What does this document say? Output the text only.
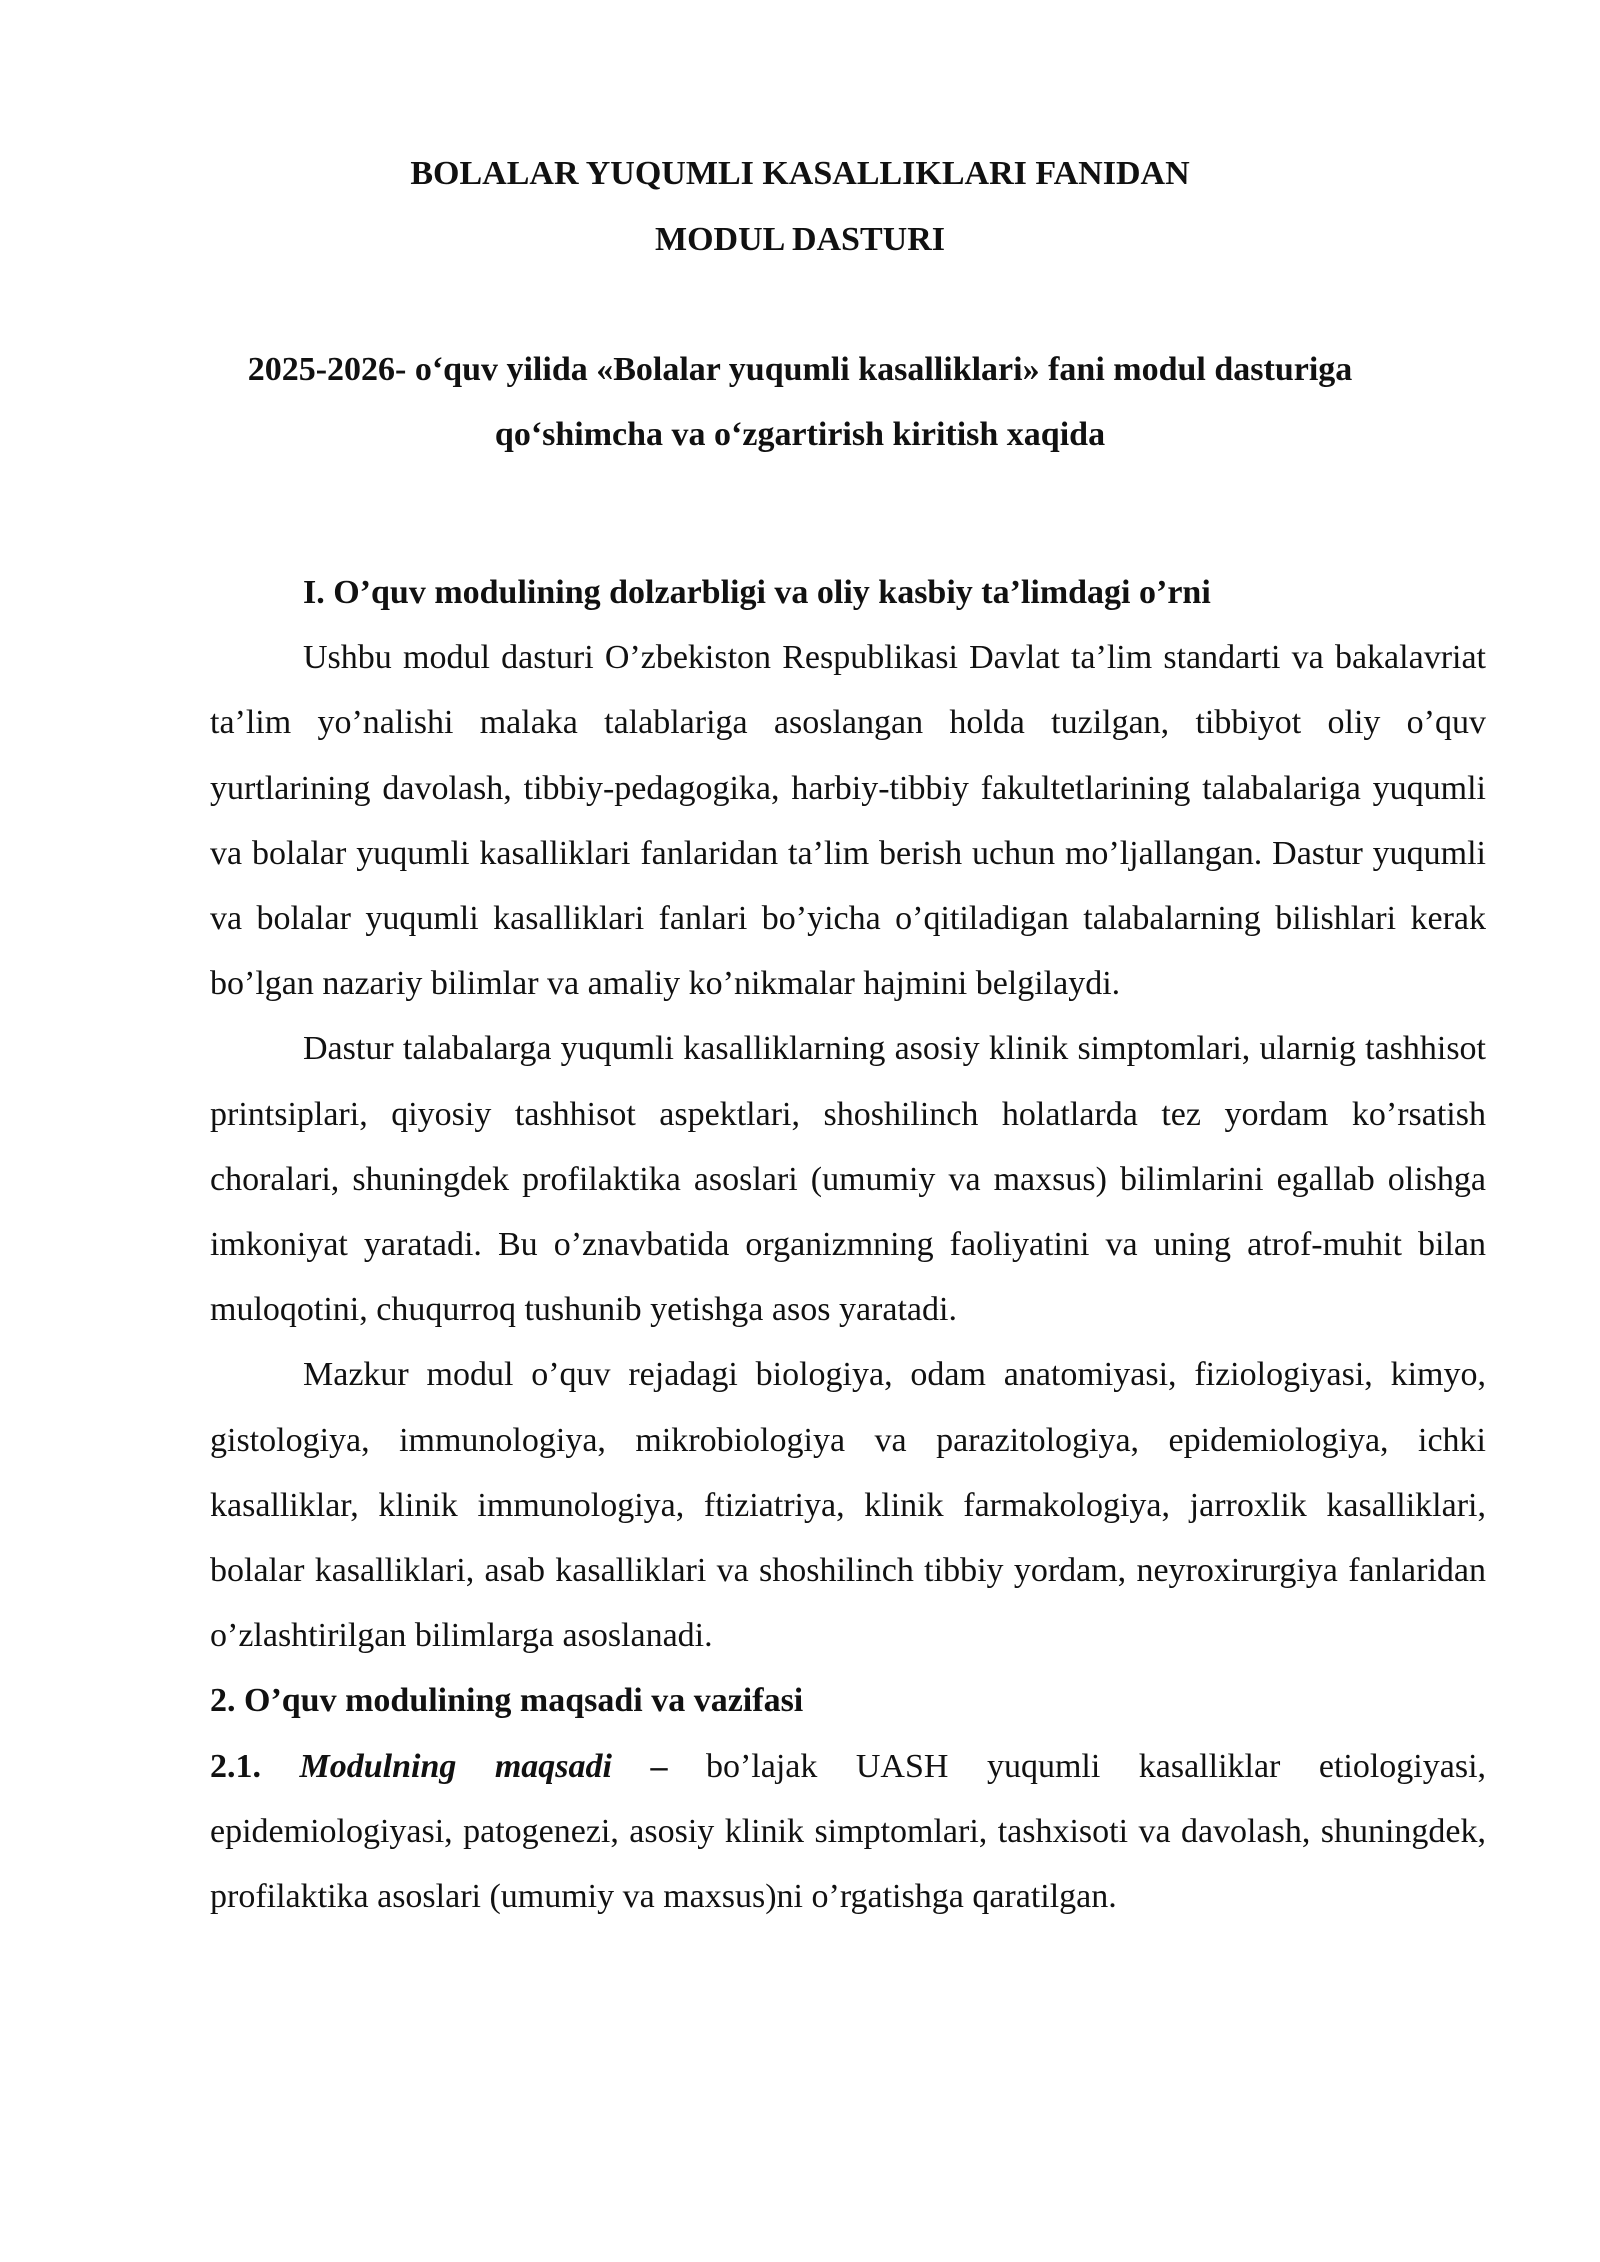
BOLALAR YUQUMLI KASALLIKLARI FANIDAN
MODUL DASTURI
2025-2026- o‘quv yilida «Bolalar yuqumli kasalliklari» fani modul dasturiga
qo‘shimcha va o‘zgartirish kiritish xaqida

I. O’quv modulining dolzarbligi va oliy kasbiy ta’limdagi o’rni

Ushbu modul dasturi O’zbekiston Respublikasi Davlat ta’lim standarti va bakalavriat ta’lim yo’nalishi malaka talablariga asoslangan holda tuzilgan, tibbiyot oliy o’quv yurtlarining davolash, tibbiy-pedagogika, harbiy-tibbiy fakultetlarining talabalariga yuqumli va bolalar yuqumli kasalliklari fanlaridan ta’lim berish uchun mo’ljallangan. Dastur yuqumli va bolalar yuqumli kasalliklari fanlari bo’yicha o’qitiladigan talabalarning bilishlari kerak bo’lgan nazariy bilimlar va amaliy ko’nikmalar hajmini belgilaydi.

Dastur talabalarga yuqumli kasalliklarning asosiy klinik simptomlari, ularnig tashhisot printsiplari, qiyosiy tashhisot aspektlari, shoshilinch holatlarda tez yordam ko’rsatish choralari, shuningdek profilaktika asoslari (umumiy va maxsus) bilimlarini egallab olishga imkoniyat yaratadi. Bu o’znavbatida organizmning faoliyatini va uning atrof-muhit bilan muloqotini, chuqurroq tushunib yetishga asos yaratadi.

Mazkur modul o’quv rejadagi biologiya, odam anatomiyasi, fiziologiyasi, kimyo, gistologiya, immunologiya, mikrobiologiya va parazitologiya, epidemiologiya, ichki kasalliklar, klinik immunologiya, ftiziatriya, klinik farmakologiya, jarroxlik kasalliklari, bolalar kasalliklari, asab kasalliklari va shoshilinch tibbiy yordam, neyroxirurgiya fanlaridan o’zlashtirilgan bilimlarga asoslanadi.

2. O’quv modulining maqsadi va vazifasi

2.1. Modulning maqsadi – bo’lajak UASH yuqumli kasalliklar etiologiyasi, epidemiologiyasi, patogenezi, asosiy klinik simptomlari, tashxisoti va davolash, shuningdek, profilaktika asoslari (umumiy va maxsus)ni o’rgatishga qaratilgan.
